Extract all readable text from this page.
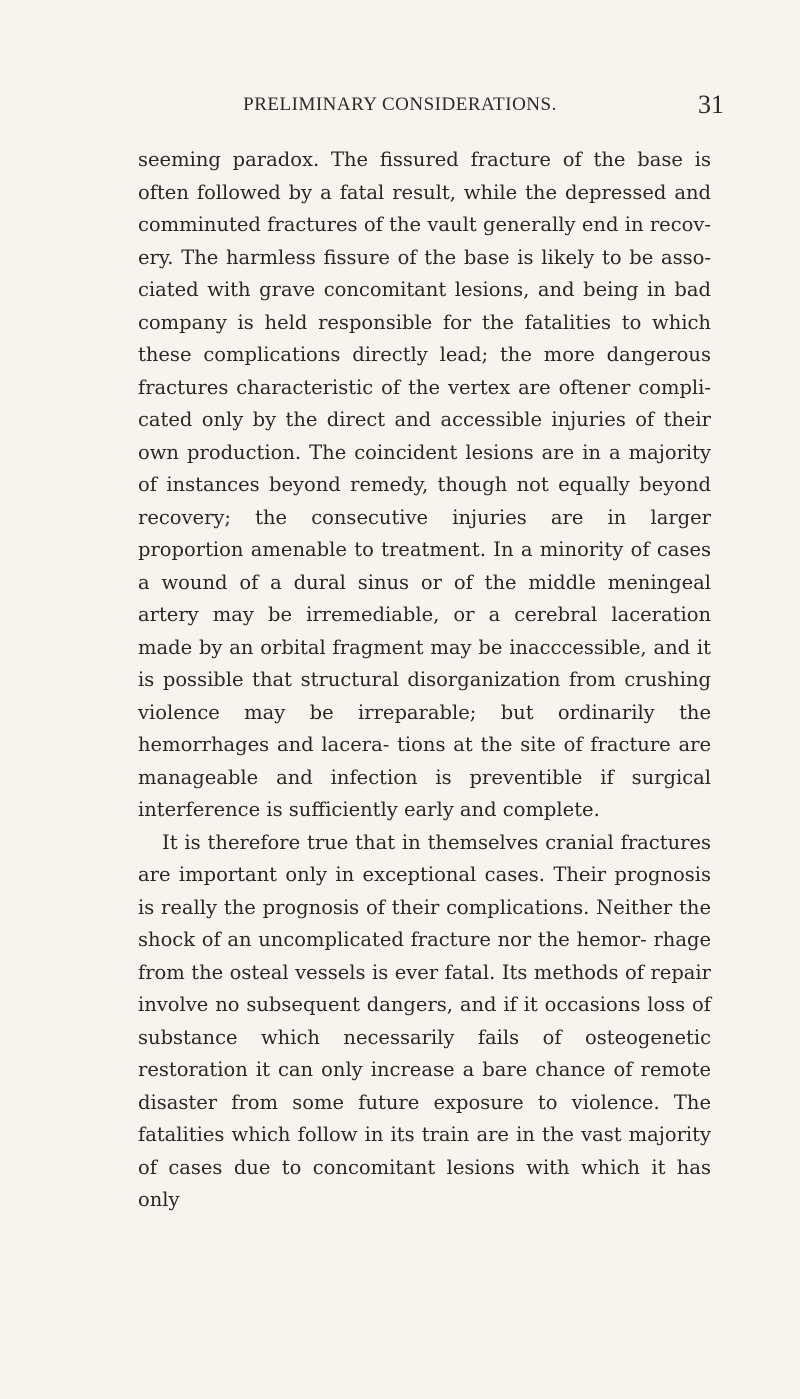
PRELIMINARY CONSIDERATIONS.	31

seeming paradox. The fissured fracture of the base is often followed by a fatal result, while the depressed and comminuted fractures of the vault generally end in recov- ery. The harmless fissure of the base is likely to be asso- ciated with grave concomitant lesions, and being in bad company is held responsible for the fatalities to which these complications directly lead; the more dangerous fractures characteristic of the vertex are oftener compli- cated only by the direct and accessible injuries of their own production. The coincident lesions are in a majority of instances beyond remedy, though not equally beyond recovery; the consecutive injuries are in larger proportion amenable to treatment. In a minority of cases a wound of a dural sinus or of the middle meningeal artery may be irremediable, or a cerebral laceration made by an orbital fragment may be inacccessible, and it is possible that structural disorganization from crushing violence may be irreparable; but ordinarily the hemorrhages and lacera- tions at the site of fracture are manageable and infection is preventible if surgical interference is sufficiently early and complete.

It is therefore true that in themselves cranial fractures are important only in exceptional cases. Their prognosis is really the prognosis of their complications. Neither the shock of an uncomplicated fracture nor the hemor- rhage from the osteal vessels is ever fatal. Its methods of repair involve no subsequent dangers, and if it occasions loss of substance which necessarily fails of osteogenetic restoration it can only increase a bare chance of remote disaster from some future exposure to violence. The fatalities which follow in its train are in the vast majority of cases due to concomitant lesions with which it has only
